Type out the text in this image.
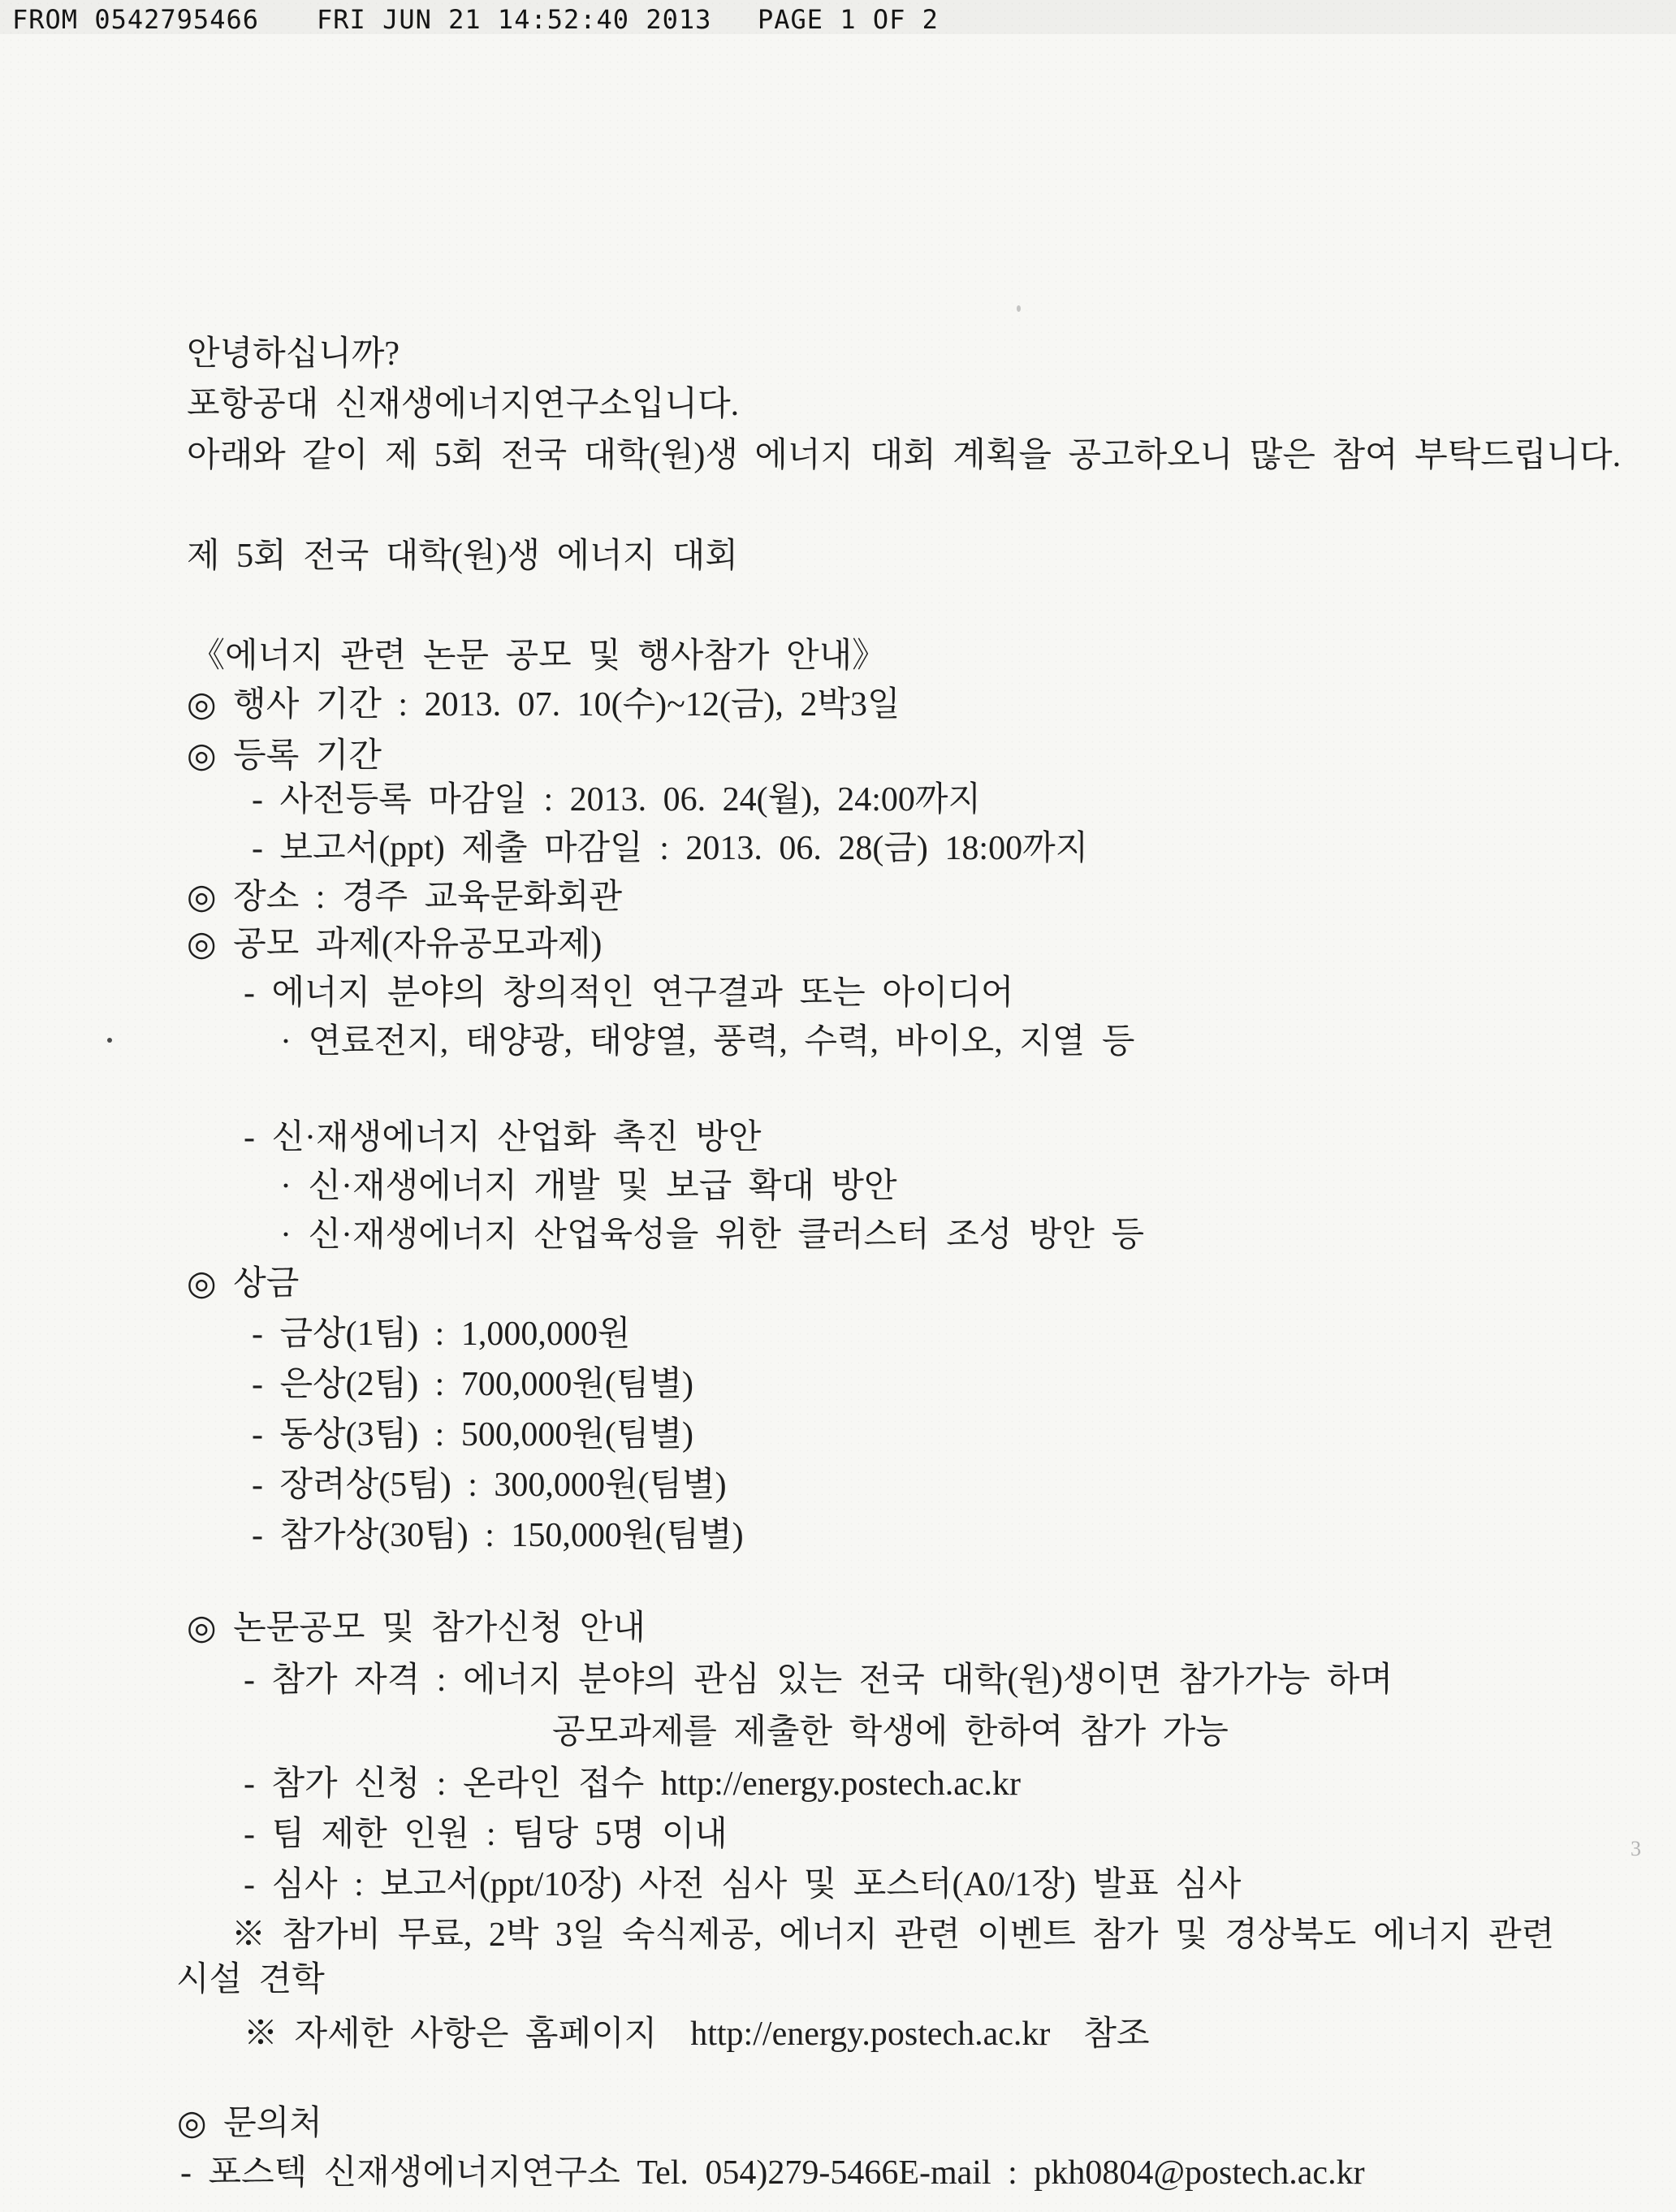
FROM 0542795466 FRI JUN 21 14:52:40 2013 PAGE 1 OF 2
안녕하십니까?
포항공대 신재생에너지연구소입니다.
아래와 같이 제 5회 전국 대학(원)생 에너지 대회 계획을 공고하오니 많은 참여 부탁드립니다.
제 5회 전국 대학(원)생 에너지 대회
《에너지 관련 논문 공모 및 행사참가 안내》
◎ 행사 기간 : 2013. 07. 10(수)~12(금), 2박3일
◎ 등록 기간
- 사전등록 마감일 : 2013. 06. 24(월), 24:00까지
- 보고서(ppt) 제출 마감일 : 2013. 06. 28(금) 18:00까지
◎ 장소 : 경주 교육문화회관
◎ 공모 과제(자유공모과제)
- 에너지 분야의 창의적인 연구결과 또는 아이디어
· 연료전지, 태양광, 태양열, 풍력, 수력, 바이오, 지열 등
- 신·재생에너지 산업화 촉진 방안
· 신·재생에너지 개발 및 보급 확대 방안
· 신·재생에너지 산업육성을 위한 클러스터 조성 방안 등
◎ 상금
- 금상(1팀) : 1,000,000원
- 은상(2팀) : 700,000원(팀별)
- 동상(3팀) : 500,000원(팀별)
- 장려상(5팀) : 300,000원(팀별)
- 참가상(30팀) : 150,000원(팀별)
◎ 논문공모 및 참가신청 안내
- 참가 자격 : 에너지 분야의 관심 있는 전국 대학(원)생이면 참가가능 하며
공모과제를 제출한 학생에 한하여 참가 가능
- 참가 신청 : 온라인 접수 http://energy.postech.ac.kr
- 팀 제한 인원 : 팀당 5명 이내
- 심사 : 보고서(ppt/10장) 사전 심사 및 포스터(A0/1장) 발표 심사
※ 참가비 무료, 2박 3일 숙식제공, 에너지 관련 이벤트 참가 및 경상북도 에너지 관련
시설 견학
※ 자세한 사항은 홈페이지  http://energy.postech.ac.kr  참조
◎ 문의처
- 포스텍 신재생에너지연구소 Tel. 054)279-5466E-mail : pkh0804@postech.ac.kr
3
